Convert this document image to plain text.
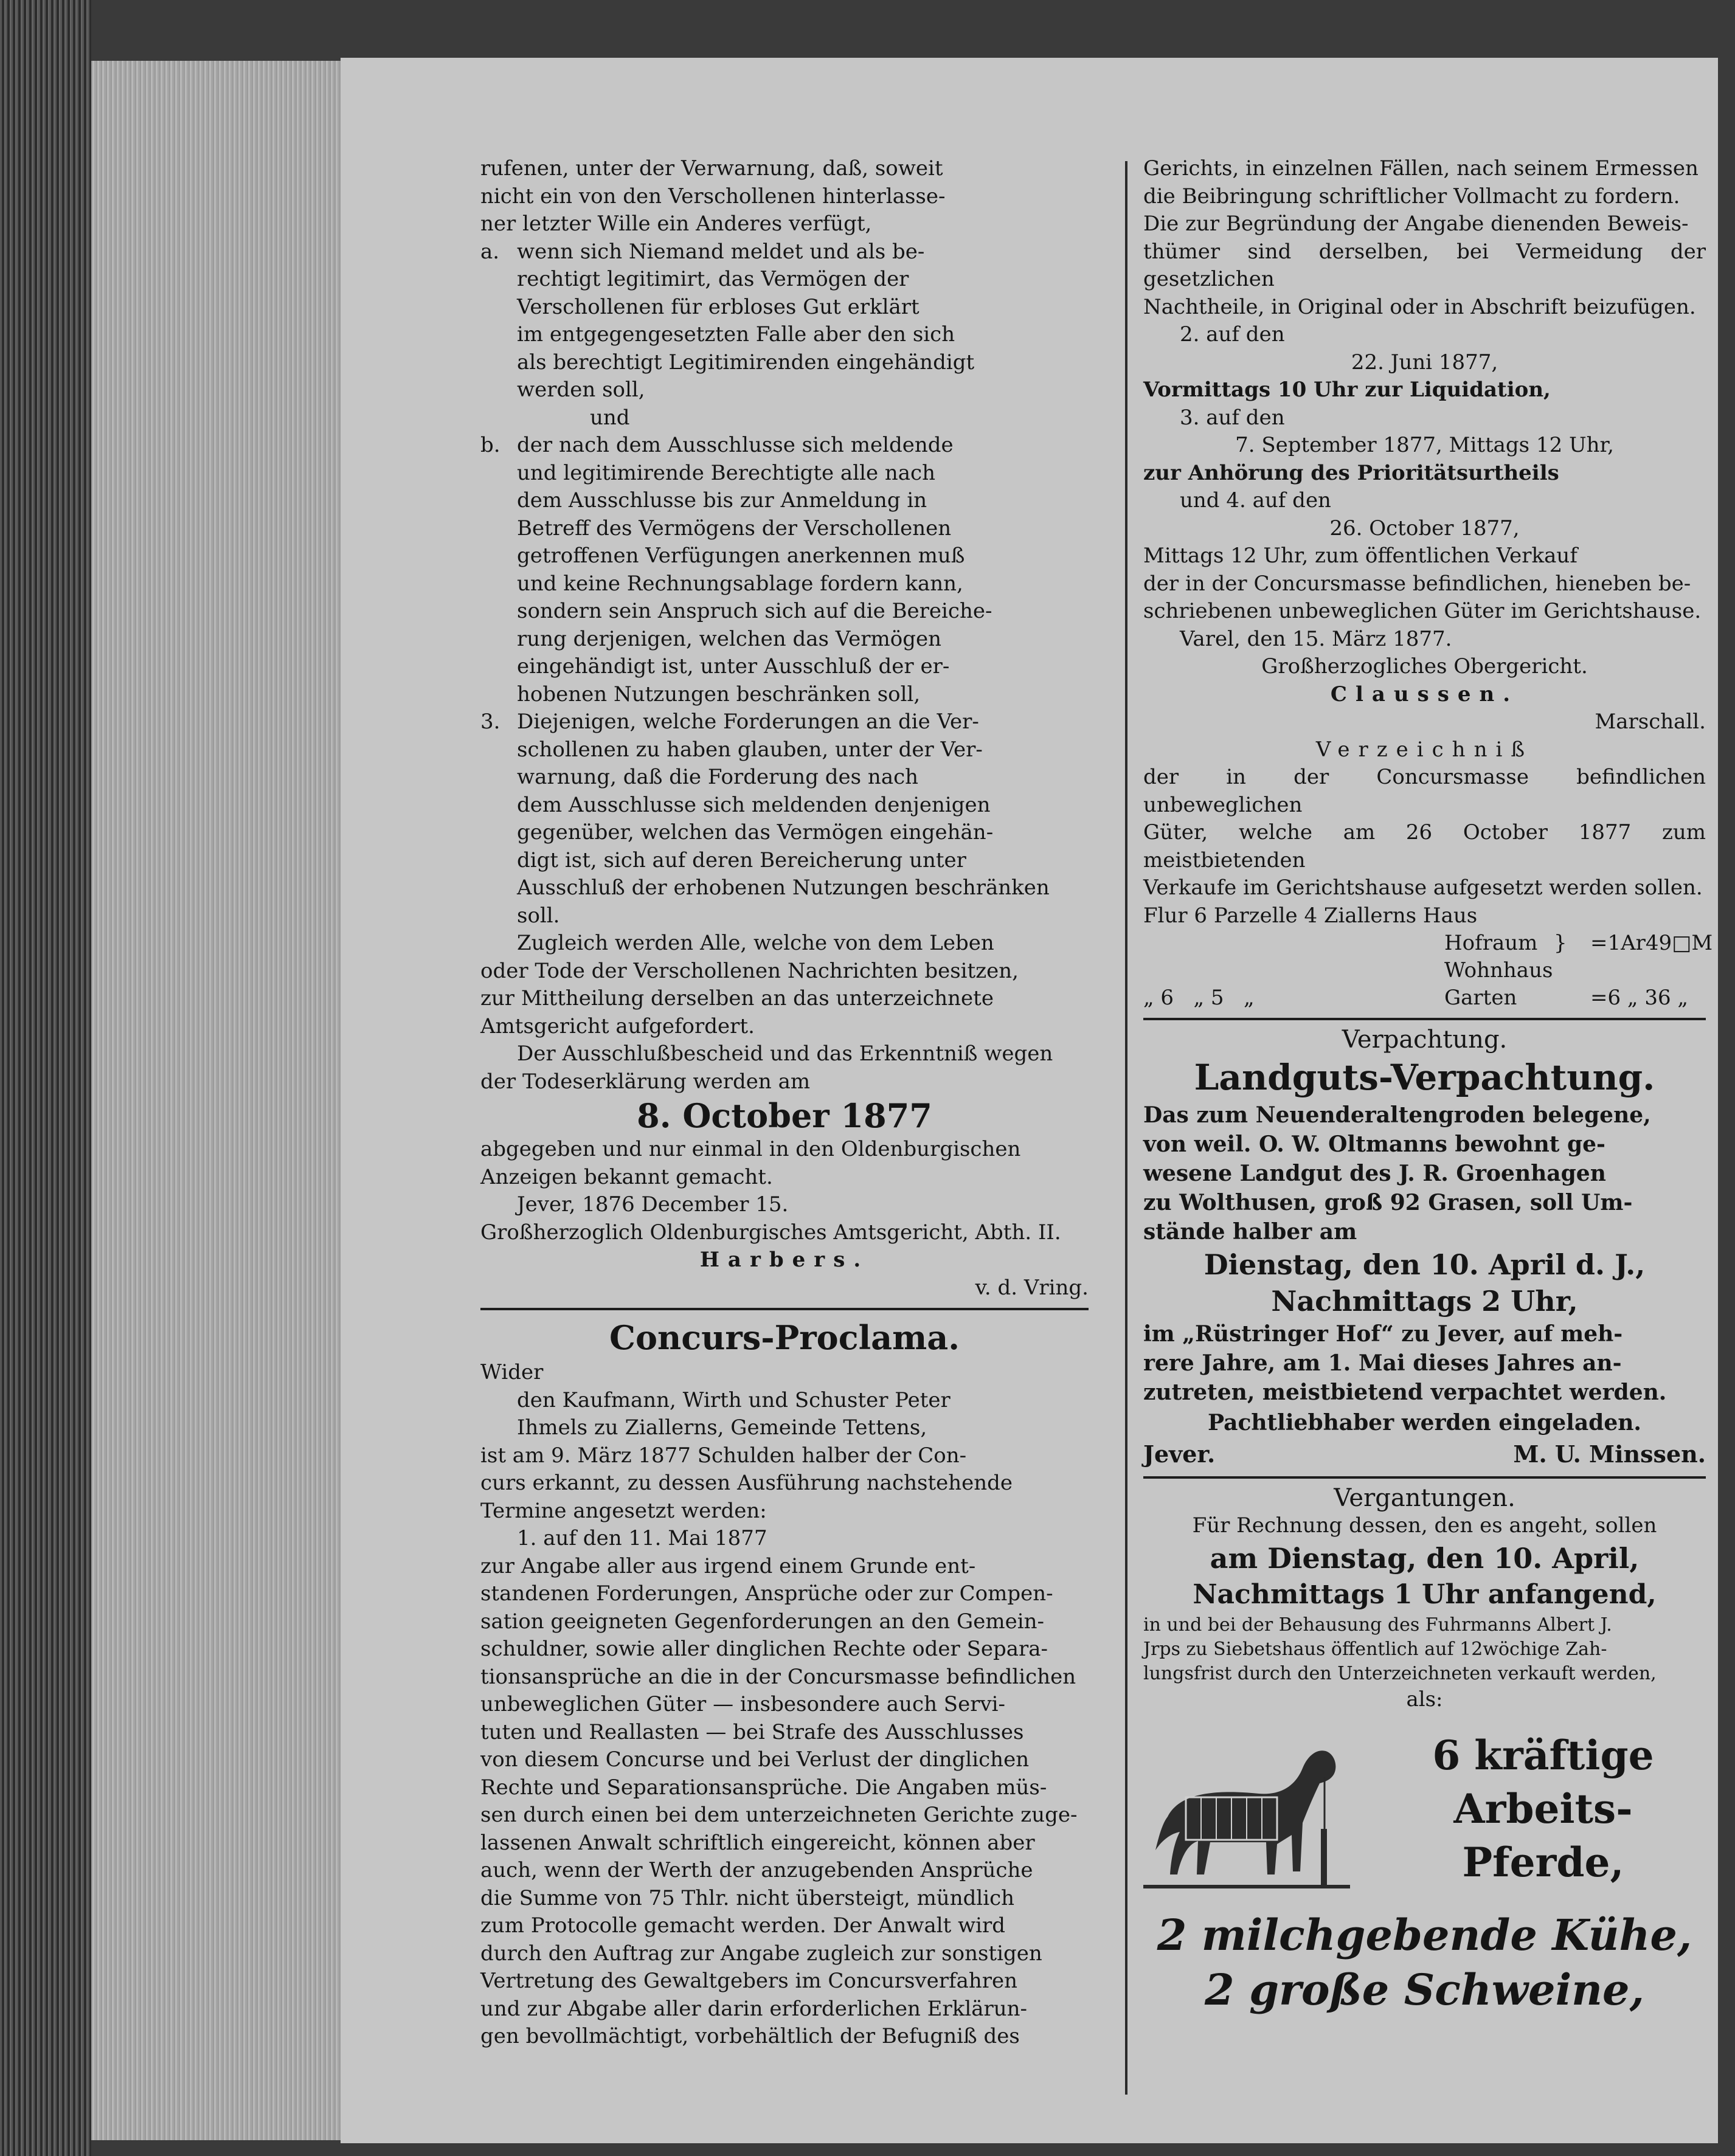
rufenen, unter der Verwarnung, daß, soweit
nicht ein von den Verschollenen hinterlasse-
ner letzter Wille ein Anderes verfügt,
a. wenn sich Niemand meldet und als be-
rechtigt legitimirt, das Vermögen der
Verschollenen für erbloses Gut erklärt
im entgegengesetzten Falle aber den sich
als berechtigt Legitimirenden eingehändigt
werden soll,
und
b. der nach dem Ausschlusse sich meldende
und legitimirende Berechtigte alle nach
dem Ausschlusse bis zur Anmeldung in
Betreff des Vermögens der Verschollenen
getroffenen Verfügungen anerkennen muß
und keine Rechnungsablage fordern kann,
sondern sein Anspruch sich auf die Bereiche-
rung derjenigen, welchen das Vermögen
eingehändigt ist, unter Ausschluß der er-
hobenen Nutzungen beschränken soll,
3. Diejenigen, welche Forderungen an die Ver-
schollenen zu haben glauben, unter der Ver-
warnung, daß die Forderung des nach
dem Ausschlusse sich meldenden denjenigen
gegenüber, welchen das Vermögen eingehän-
digt ist, sich auf deren Bereicherung unter
Ausschluß der erhobenen Nutzungen beschränken
soll.
Zugleich werden Alle, welche von dem Leben
oder Tode der Verschollenen Nachrichten besitzen,
zur Mittheilung derselben an das unterzeichnete
Amtsgericht aufgefordert.
Der Ausschlußbescheid und das Erkenntniß wegen
der Todeserklärung werden am
8. October 1877
abgegeben und nur einmal in den Oldenburgischen
Anzeigen bekannt gemacht.
Jever, 1876 December 15.
Großherzoglich Oldenburgisches Amtsgericht, Abth. II.
Harbers.
v. d. Vring.
Concurs-Proclama.
Wider
den Kaufmann, Wirth und Schuster Peter
Ihmels zu Ziallerns, Gemeinde Tettens,
ist am 9. März 1877 Schulden halber der Con-
curs erkannt, zu dessen Ausführung nachstehende
Termine angesetzt werden:
1. auf den 11. Mai 1877
zur Angabe aller aus irgend einem Grunde ent-
standenen Forderungen, Ansprüche oder zur Compen-
sation geeigneten Gegenforderungen an den Gemein-
schuldner, sowie aller dinglichen Rechte oder Separa-
tionsansprüche an die in der Concursmasse befindlichen
unbeweglichen Güter — insbesondere auch Servi-
tuten und Reallasten — bei Strafe des Ausschlusses
von diesem Concurse und bei Verlust der dinglichen
Rechte und Separationsansprüche. Die Angaben müs-
sen durch einen bei dem unterzeichneten Gerichte zuge-
lassenen Anwalt schriftlich eingereicht, können aber
auch, wenn der Werth der anzugebenden Ansprüche
die Summe von 75 Thlr. nicht übersteigt, mündlich
zum Protocolle gemacht werden. Der Anwalt wird
durch den Auftrag zur Angabe zugleich zur sonstigen
Vertretung des Gewaltgebers im Concursverfahren
und zur Abgabe aller darin erforderlichen Erklärun-
gen bevollmächtigt, vorbehältlich der Befugniß des
Gerichts, in einzelnen Fällen, nach seinem Ermessen
die Beibringung schriftlicher Vollmacht zu fordern.
Die zur Begründung der Angabe dienenden Beweis-
thümer sind derselben, bei Vermeidung der gesetzlichen
Nachtheile, in Original oder in Abschrift beizufügen.
2. auf den
22. Juni 1877,
Vormittags 10 Uhr zur Liquidation,
3. auf den
7. September 1877, Mittags 12 Uhr,
zur Anhörung des Prioritätsurtheils
und 4. auf den
26. October 1877,
Mittags 12 Uhr, zum öffentlichen Verkauf
der in der Concursmasse befindlichen, hieneben be-
schriebenen unbeweglichen Güter im Gerichtshause.
Varel, den 15. März 1877.
Großherzogliches Obergericht.
Claussen.
Marschall.
Verzeichniß
der in der Concursmasse befindlichen unbeweglichen
Güter, welche am 26 October 1877 zum meistbietenden
Verkaufe im Gerichtshause aufgesetzt werden sollen.
Flur 6 Parzelle 4 Ziallerns Haus
Hofraum }	=1Ar49□M
Wohnhaus
„ 6 „ 5 „	Garten	=6 „ 36 „
Verpachtung.
Landguts-Verpachtung.
Das zum Neuenderaltengroden belegene,
von weil. O. W. Oltmanns bewohnt ge-
wesene Landgut des J. R. Groenhagen
zu Wolthusen, groß 92 Grasen, soll Um-
stände halber am
Dienstag, den 10. April d. J.,
Nachmittags 2 Uhr,
im „Rüstringer Hof“ zu Jever, auf meh-
rere Jahre, am 1. Mai dieses Jahres an-
zutreten, meistbietend verpachtet werden.
Pachtliebhaber werden eingeladen.
Jever.	M. U. Minssen.
Vergantungen.
Für Rechnung dessen, den es angeht, sollen
am Dienstag, den 10. April,
Nachmittags 1 Uhr anfangend,
in und bei der Behausung des Fuhrmanns Albert J.
Jrps zu Siebetshaus öffentlich auf 12wöchige Zah-
lungsfrist durch den Unterzeichneten verkauft werden,
als:
6 kräftige
Arbeits-Pferde,
2 milchgebende Kühe,
2 große Schweine,
